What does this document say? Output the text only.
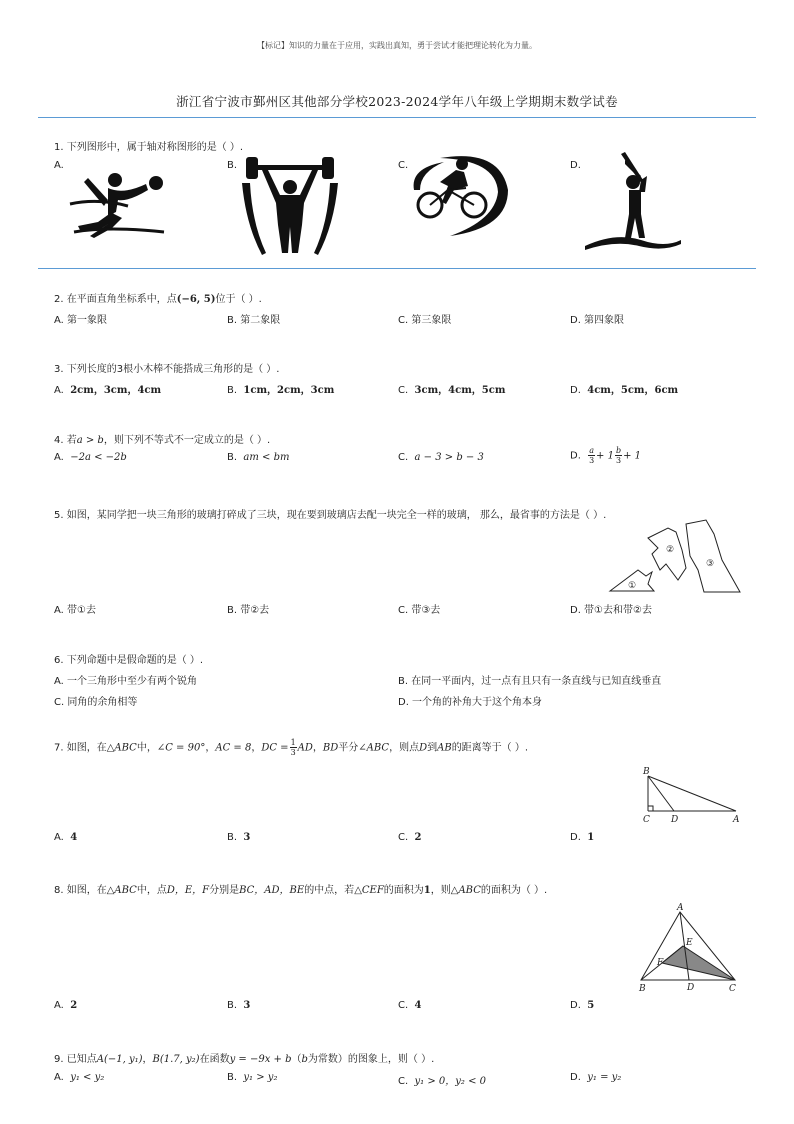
【标记】知识的力量在于应用，实践出真知，勇于尝试才能把理论转化为力量。
浙江省宁波市鄞州区其他部分学校2023-2024学年八年级上学期期末数学试卷
1. 下列图形中，属于轴对称图形的是（ ）.
A.	B.	C.	D.
2. 在平面直角坐标系中，点(−6, 5)位于（ ）.
A. 第一象限	B. 第二象限	C. 第三象限	D. 第四象限
3. 下列长度的3根小木棒不能搭成三角形的是（ ）.
A. 2cm，3cm，4cm	B. 1cm，2cm，3cm	C. 3cm，4cm，5cm	D. 4cm，5cm，6cm
4. 若a > b，则下列不等式不一定成立的是（ ）.
A. −2a < −2b	B. am < bm	C. a − 3 > b − 3	D. $\frac{a}{3} + 1 \frac{b}{3} + 1$
5. 如图，某同学把一块三角形的玻璃打碎成了三块，现在要到玻璃店去配一块完全一样的玻璃， 那么，最省事的方法是（ ）.
①
②
③
A. 带①去	B. 带②去	C. 带③去	D. 带①去和带②去
6. 下列命题中是假命题的是（ ）.
A. 一个三角形中至少有两个锐角	B. 在同一平面内，过一点有且只有一条直线与已知直线垂直
C. 同角的余角相等	D. 一个角的补角大于这个角本身
7. 如图，在△ABC中，∠C = 90°，AC = 8，DC = $\frac{1}{3}$ AD，BD平分∠ABC，则点D到AB的距离等于（ ）.
B
C D	A
A. 4	B. 3	C. 2	D. 1
8. 如图，在△ABC中，点D，E，F分别是BC，AD，BE的中点，若△CEF的面积为1，则△ABC的面积为（ ）.
A
E
F
B	D	C
A. 2	B. 3	C. 4	D. 5
9. 已知点A(−1, y₁)，B(1.7, y₂)在函数y = −9x + b（b为常数）的图象上，则（ ）.
A. y₁ < y₂	B. y₁ > y₂	C. y₁ > 0，y₂ < 0	D. y₁ = y₂
